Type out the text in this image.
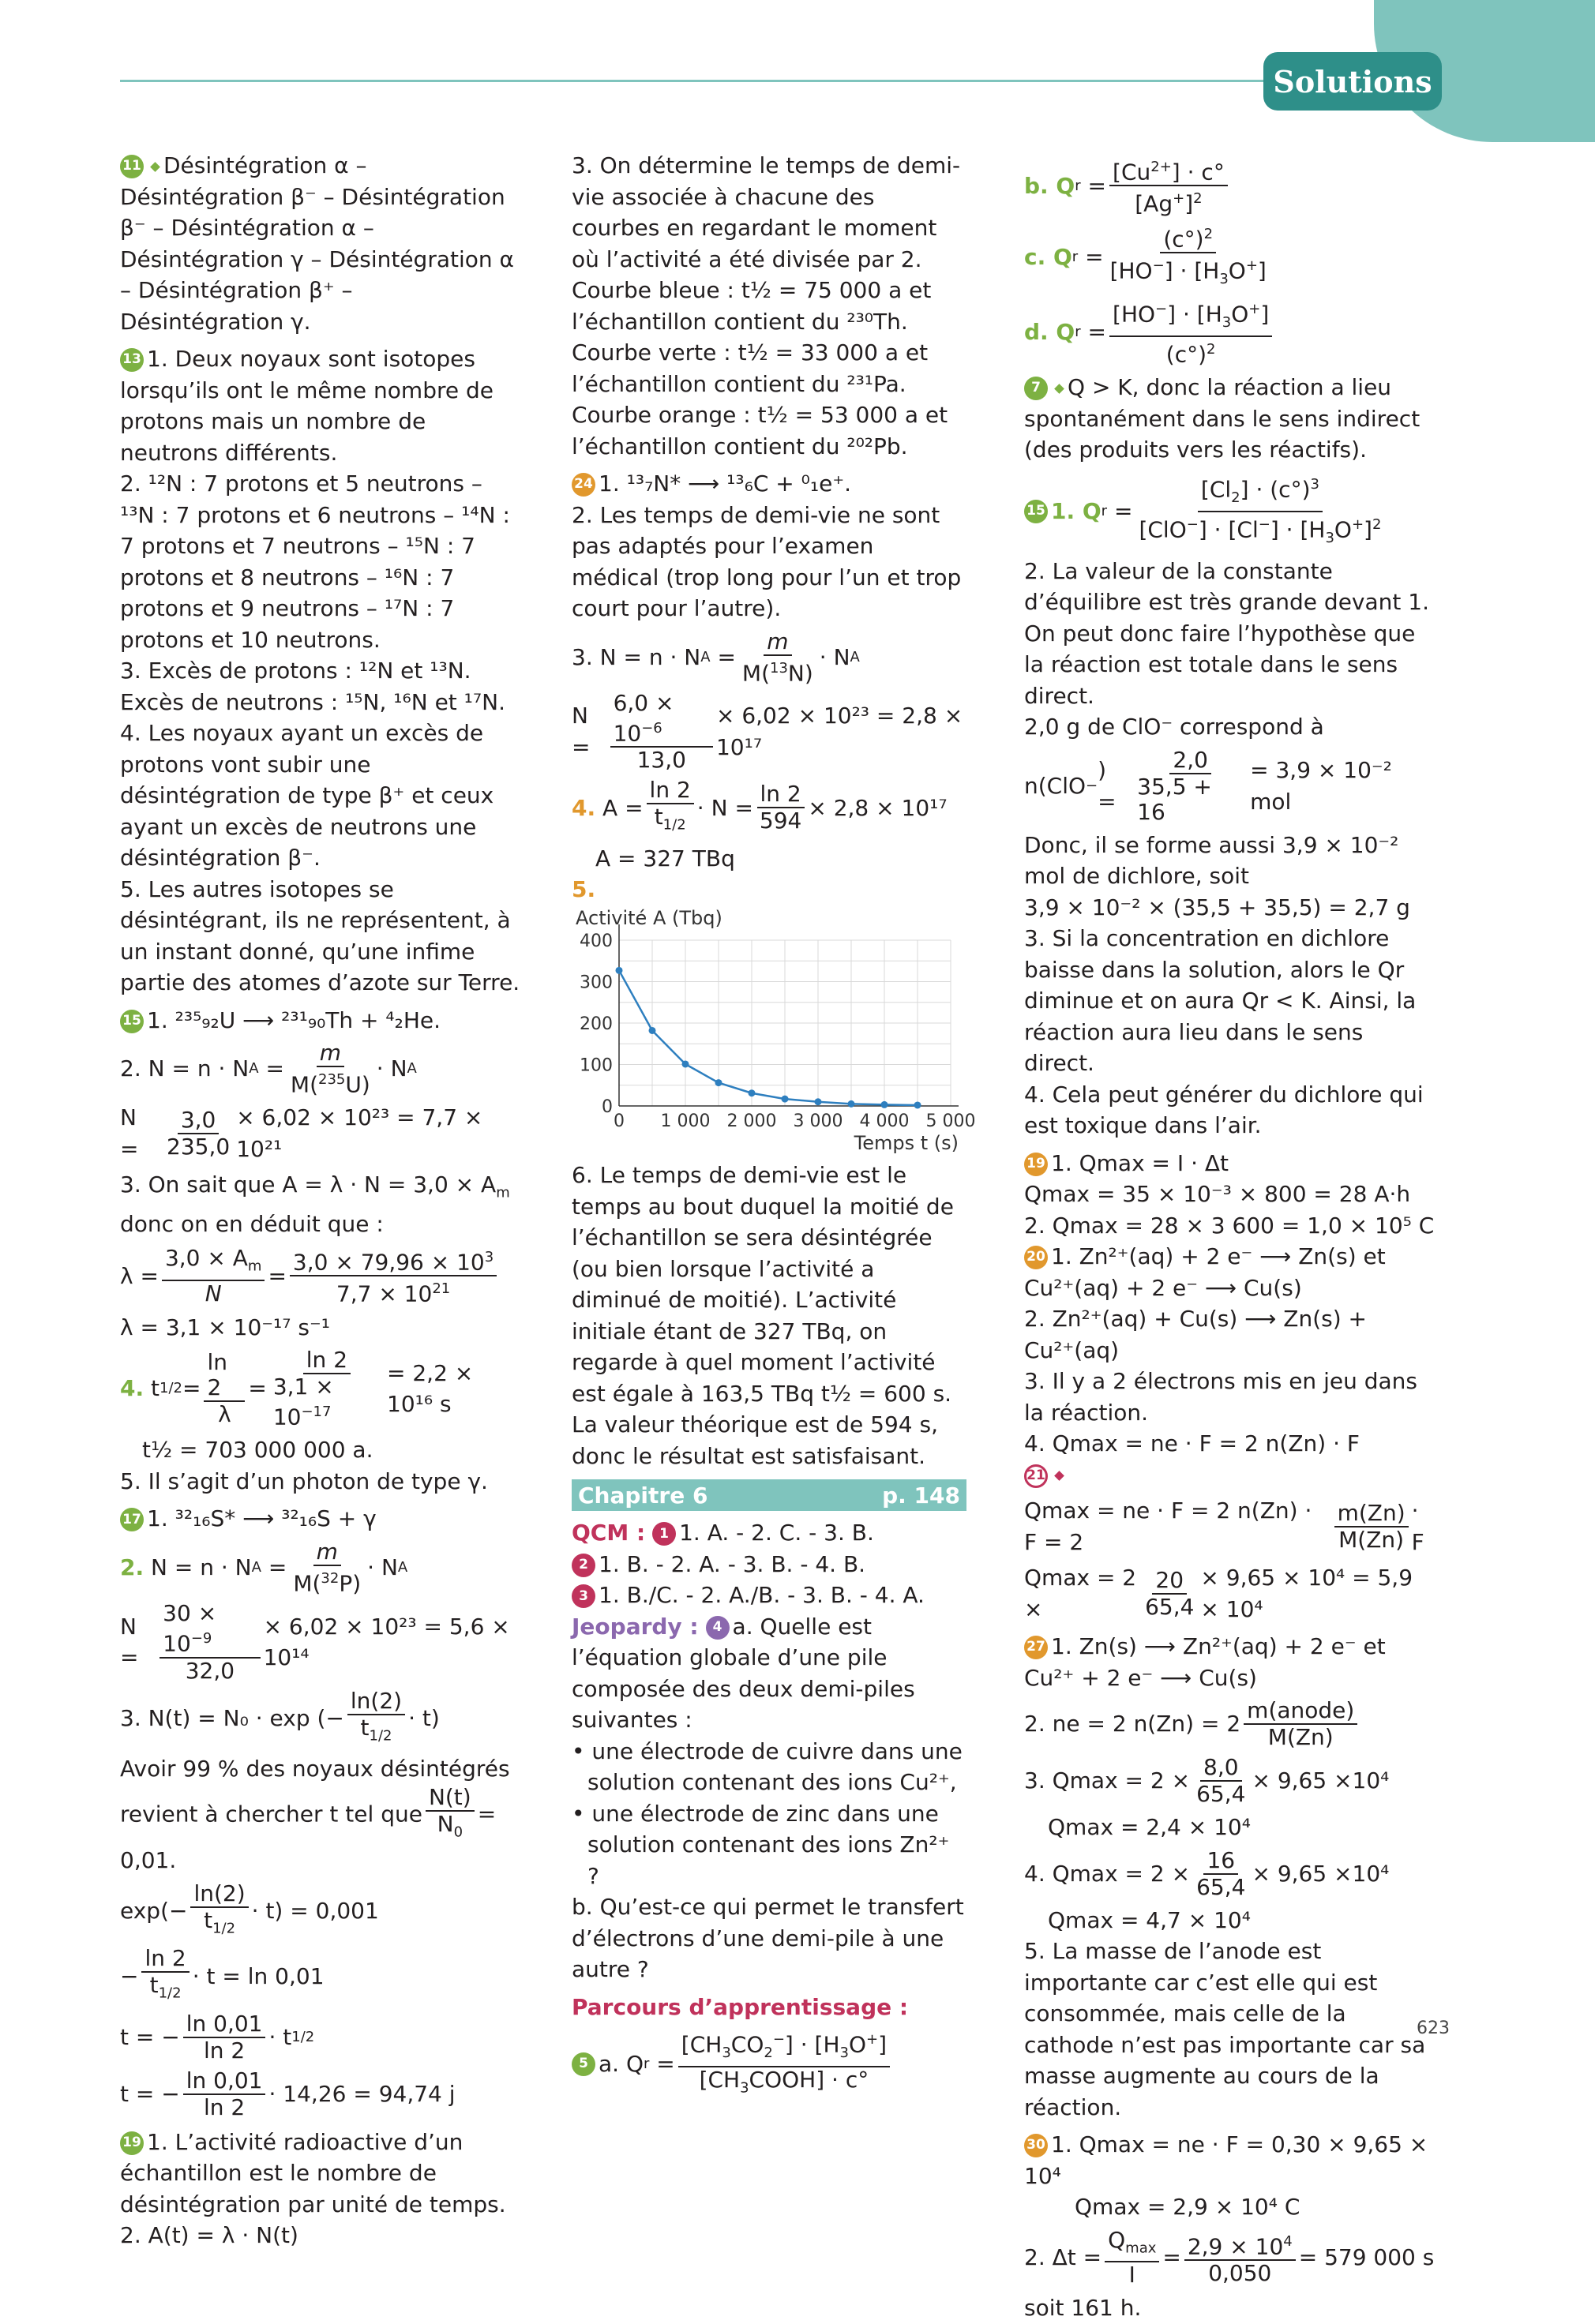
Solutions

11 Désintégration α – Désintégration β⁻ – Désintégration β⁻ – Désintégration α – Désintégration γ – Désintégration α – Désintégration β⁺ – Désintégration γ.

13 1. Deux noyaux sont isotopes lorsqu’ils ont le même nombre de protons mais un nombre de neutrons différents.

2. ¹²N : 7 protons et 5 neutrons – ¹³N : 7 protons et 6 neutrons – ¹⁴N : 7 protons et 7 neutrons – ¹⁵N : 7 protons et 8 neutrons – ¹⁶N : 7 protons et 9 neutrons – ¹⁷N : 7 protons et 10 neutrons.

3. Excès de protons : ¹²N et ¹³N. Excès de neutrons : ¹⁵N, ¹⁶N et ¹⁷N.

4. Les noyaux ayant un excès de protons vont subir une désintégration de type β⁺ et ceux ayant un excès de neutrons une désintégration β⁻.

5. Les autres isotopes se désintégrant, ils ne représentent, à un instant donné, qu’une infime partie des atomes d’azote sur Terre.

15 1. ²³⁵₉₂U ⟶ ²³¹₉₀Th + ⁴₂He.

2. N = n · N A =
m
M($^{235}$U)
· N A
N =	$\frac{3,0}{235,0} \times 6,02 \times 10^{23} = 7,7 \times 10^{21}$

3. On sait que $A = \lambda \cdot N = 3,0 \times A_m$

donc on en déduit que :

λ =
$3,0 \times A_m$
N
=
$3,0 \times 79,96 \times 10^3$
$7,7 \times 10^{21}$

λ = 3,1 × 10⁻¹⁷ s⁻¹

4. t 1/2 =
ln 2
λ
= $\frac{\ln 2}{3,1 \times 10^{-17}} = 2,2 \times 10^{16}$ s

t½ = 703 000 000 a.

5. Il s’agit d’un photon de type γ.

17 1. ³²₁₆S* ⟶ ³²₁₆S + γ

2. N = n · N A =
m
M($^{32}$P)
· N A
$N = \frac{30 \times 10^{-9}}{32,0} \times 6,02 \times 10^{23} = 5,6 \times 10^{14}$
3. N(t) = N₀ · exp (−
ln(2)
$t_{1/2}$
· t)

Avoir 99 % des noyaux désintégrés revient à chercher t tel que $\frac{N(t)}{N_0} = 0,01$.

$\exp(- \frac{\ln(2)}{t_{1/2}} \cdot t) = 0,001$
−
ln 2
$t_{1/2}$
· t = ln 0,01
t = −
ln 0,01
ln 2
· t 1/2
t = −
ln 0,01
ln 2
· 14,26 = 94,74 j

19 1. L’activité radioactive d’un échantillon est le nombre de désintégration par unité de temps.

2. A(t) = λ · N(t)

3. On détermine le temps de demi-vie associée à chacune des courbes en regardant le moment où l’activité a été divisée par 2.

Courbe bleue : t½ = 75 000 a et l’échantillon contient du ²³⁰Th.

Courbe verte : t½ = 33 000 a et l’échantillon contient du ²³¹Pa.

Courbe orange : t½ = 53 000 a et l’échantillon contient du ²⁰²Pb.

24 1. ¹³₇N* ⟶ ¹³₆C + ⁰₁e⁺.

2. Les temps de demi-vie ne sont pas adaptés pour l’examen médical (trop long pour l’un et trop court pour l’autre).

3. N = n · N A =
m
M($^{13}$N)
· N A
$N = \frac{6,0 \times 10^{-6}}{13,0} \times 6,02 \times 10^{23} = 2,8 \times 10^{17}$
4. A =
ln 2
$t_{1/2}$
· $N = \frac{\ln 2}{594} \times 2,8 \times 10^{17}$

A = 327 TBq

5.

0 1 000 2 000 3 000 4 000 5 000
0
100
200
300
400
Activité A (Tbq)
Temps t (s)

6. Le temps de demi-vie est le temps au bout duquel la moitié de l’échantillon se sera désintégrée (ou bien lorsque l’activité a diminué de moitié). L’activité initiale étant de 327 TBq, on regarde à quel moment l’activité est égale à 163,5 TBq t½ = 600 s. La valeur théorique est de 594 s, donc le résultat est satisfaisant.

Chapitre 6	p. 148

QCM : 1 1. A. - 2. C. - 3. B.

2 1. B. - 2. A. - 3. B. - 4. B.

3 1. B./C. - 2. A./B. - 3. B. - 4. A.

Jeopardy : 4 a. Quelle est l’équation globale d’une pile composée des deux demi-piles suivantes :

• une électrode de cuivre dans une solution contenant des ions Cu²⁺,
• une électrode de zinc dans une solution contenant des ions Zn²⁺ ?

b. Qu’est-ce qui permet le transfert d’électrons d’une demi-pile à une autre ?

Parcours d’apprentissage :

5 a. Q r =
$[CH_3CO_2^-] \cdot [H_3O^+]$
$[CH_3COOH] \cdot c^\circ$
b. Q r =
$[Cu^{2+}] \cdot c^\circ$
$[Ag^+]^2$
c. Q r =
$(c^\circ)^2$
$[HO^-] \cdot [H_3O^+]$
d. Q r =
$[HO^-] \cdot [H_3O^+]$
$(c^\circ)^2$

7 Q > K, donc la réaction a lieu spontanément dans le sens indirect (des produits vers les réactifs).

15 1. Q r =
$[Cl_2] \cdot (c^\circ)^3$
$[ClO^-] \cdot [Cl^-] \cdot [H_3O^+]^2$

2. La valeur de la constante d’équilibre est très grande devant 1. On peut donc faire l’hypothèse que la réaction est totale dans le sens direct.

2,0 g de ClO⁻ correspond à

n(ClO −
) = $\frac{2,0}{35,5 + 16} = 3,9 \times 10^{-2}$ mol

Donc, il se forme aussi 3,9 × 10⁻² mol de dichlore, soit

3,9 × 10⁻² × (35,5 + 35,5) = 2,7 g

3. Si la concentration en dichlore baisse dans la solution, alors le Qr diminue et on aura Qr < K. Ainsi, la réaction aura lieu dans le sens direct.

4. Cela peut générer du dichlore qui est toxique dans l’air.

19 1. Qmax = I · Δt

Qmax = 35 × 10⁻³ × 800 = 28 A·h

2. Qmax = 28 × 3 600 = 1,0 × 10⁵ C

20 1. Zn²⁺(aq) + 2 e⁻ ⟶ Zn(s) et Cu²⁺(aq) + 2 e⁻ ⟶ Cu(s)

2. Zn²⁺(aq) + Cu(s) ⟶ Zn(s) + Cu²⁺(aq)

3. Il y a 2 électrons mis en jeu dans la réaction.

4. Qmax = ne · F = 2 n(Zn) · F

21

Qmax = ne · F = 2 n(Zn) · F = 2
m(Zn)
M(Zn)
· F
Qmax = 2 ×	$\frac{20}{65,4} \times 9,65 \times 10^4 = 5,9 \times 10^4$

27 1. Zn(s) ⟶ Zn²⁺(aq) + 2 e⁻ et Cu²⁺ + 2 e⁻ ⟶ Cu(s)

2. ne = 2 n(Zn) = 2
m(anode)
M(Zn)
3. $Qmax = 2 \times \frac{8,0}{65,4} \times 9,65 \times 10^4$

Qmax = 2,4 × 10⁴

4. $Qmax = 2 \times \frac{16}{65,4} \times 9,65 \times 10^4$

Qmax = 4,7 × 10⁴

5. La masse de l’anode est importante car c’est elle qui est consommée, mais celle de la cathode n’est pas importante car sa masse augmente au cours de la réaction.

30 1. Qmax = ne · F = 0,30 × 9,65 × 10⁴

Qmax = 2,9 × 10⁴ C

2. Δt =
$Q_{max}$
I
= $\frac{2,9 \times 10^4}{0,050} = 579$ 000 s

soit 161 h.

623
